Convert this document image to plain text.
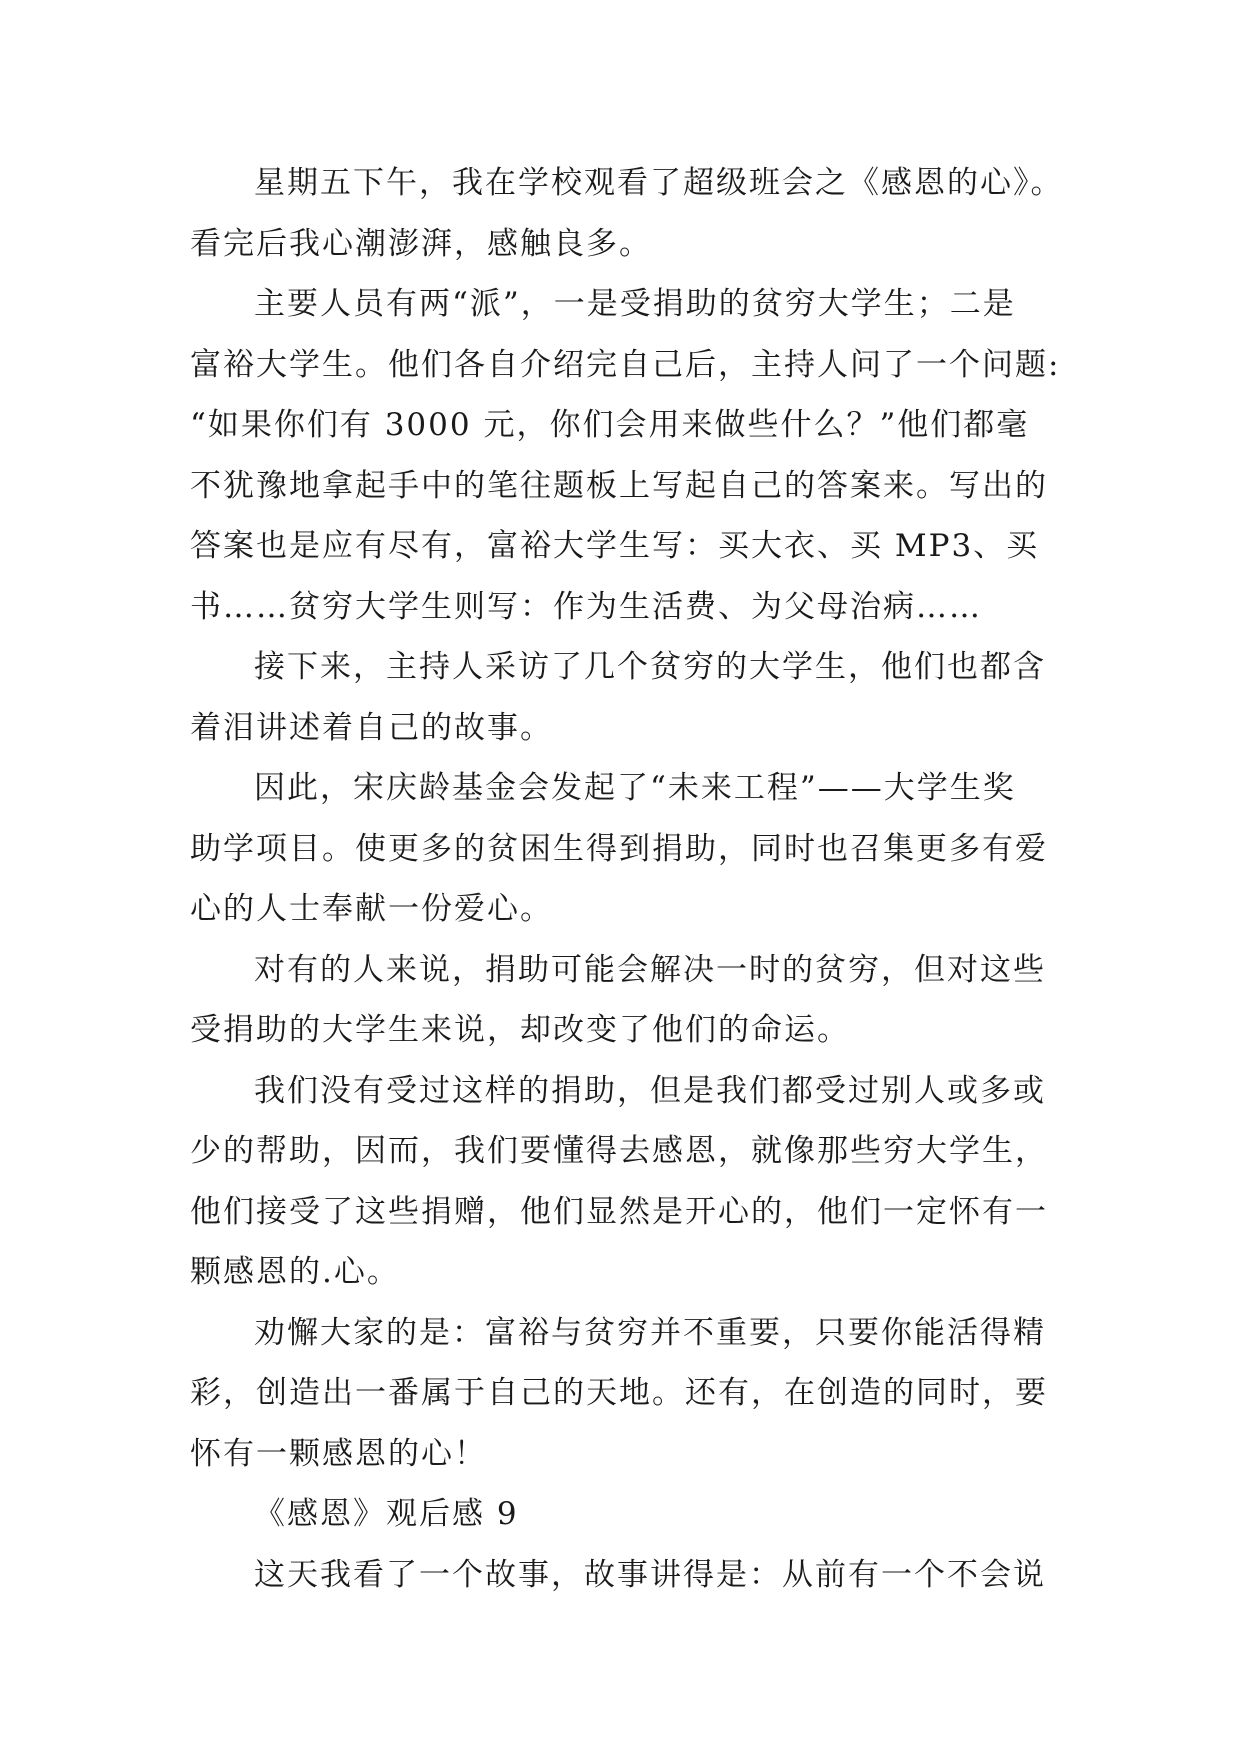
星期五下午，我在学校观看了超级班会之《感恩的心》。
看完后我心潮澎湃，感触良多。
主要人员有两“派”，一是受捐助的贫穷大学生；二是
富裕大学生。他们各自介绍完自己后，主持人问了一个问题:
“如果你们有 3000 元，你们会用来做些什么？”他们都毫
不犹豫地拿起手中的笔往题板上写起自己的答案来。写出的
答案也是应有尽有，富裕大学生写：买大衣、买 MP3、买
书……贫穷大学生则写：作为生活费、为父母治病……
接下来，主持人采访了几个贫穷的大学生，他们也都含
着泪讲述着自己的故事。
因此，宋庆龄基金会发起了“未来工程”——大学生奖
助学项目。使更多的贫困生得到捐助，同时也召集更多有爱
心的人士奉献一份爱心。
对有的人来说，捐助可能会解决一时的贫穷，但对这些
受捐助的大学生来说，却改变了他们的命运。
我们没有受过这样的捐助，但是我们都受过别人或多或
少的帮助，因而，我们要懂得去感恩，就像那些穷大学生，
他们接受了这些捐赠，他们显然是开心的，他们一定怀有一
颗感恩的.心。
劝懈大家的是：富裕与贫穷并不重要，只要你能活得精
彩，创造出一番属于自己的天地。还有，在创造的同时，要
怀有一颗感恩的心！
《感恩》观后感 9
这天我看了一个故事，故事讲得是：从前有一个不会说
